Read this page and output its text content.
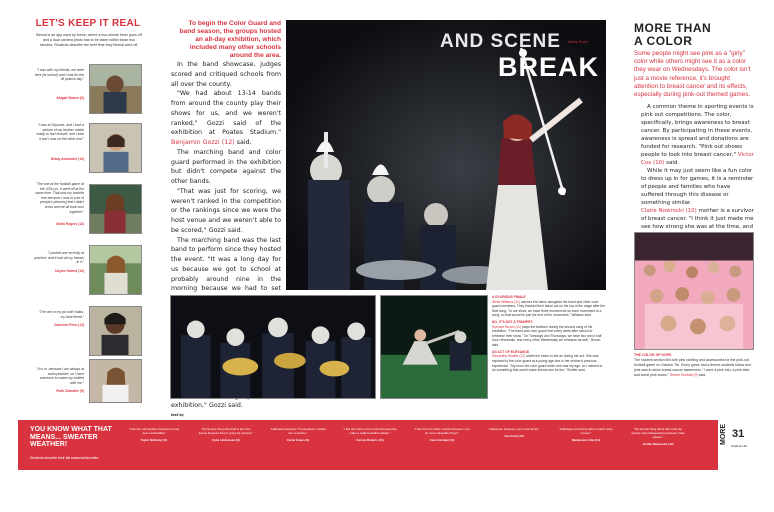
LET'S KEEP IT REAL
Bereal is an app used by teens, where a two-minute timer goes off and a dual camera photo has to be taken within those two minutes. Students describe the best time they Bereal went off.
"I was with my friends, we were here [at school] and I was for the IB potluck day."
Abigail Stokes (9)
"I was at Skyzone, and I took a picture of my brother midair ready to hurt himself, and I took it and I was on the other end."
Brady Alexander (10)
"The one at the football game at the USA (vs. It went off at the same time. That was my favorite one because I was in a lot of people's pictures] that I didn't know and we all took ours together."
Stella Rogers (12)
"I posted one recently at practice, and it had all my friends in it."
Caylee Owens (10)
"The one in my pic with Nakia, my best friend."
Cameron Penn (12)
"It is m. because I am always at swim practice, so I have someone to watch my bottled with me."
Ruth Chandler (9)
To begin the Color Guard and band season, the groups hosted an all-day exhibition, which included many other schools around the area.

In the band showcase, judges scored and critiqued schools from all over the county.

"We had about 13-14 bands from around the county play their shows for us, and we weren't ranked," Gozzi said of the exhibition at Poates Stadium." Benjamin Gozzi (12) said.

The marching band and color guard performed in the exhibition but didn't compete against the other bands.

"That was just for scoring, we weren't ranked in the competition or the rankings since we were the host venue and we weren't able to be scored," Gozzi said.

The marching band was the last band to perform since they hosted the event. "It was a long day for us because we got to school at probably around nine in the morning because we had to set

exhibition," Gozzi said.

text by

AND SCENE	text by Gozzi
BREAK

A GLORIOUS FINALE
Stella Williams (11) catches the baton alongside the band and other color guard members. They finished their baton act on the top of the stage after the final song. "In our show, we have three movements so each movement is a song, so that would be just the end of the movement," Williams said.

NO, IT'S NOT A TRUMPET.
Spencer Brown (11) plays the baritone during the second song of the exhibition. "The band and color guard met every week after school to rehearse their show. "On Tuesdays and Thursdays, we have two and a half hour rehearsals, and every other Wednesday we rehearse as well," Brown said.

AN ACT OF ELEGANCE.
Samantha Shaffer (12) whirls the baton in the air during her act. She was exposed to the color guard at a young age due to her mother's previous experience. "My mom did color guard when she was my age, so I wanted to do something that would make friends and be fun," Shaffer said.

MORE THAN
A COLOR
Some people might see pink as a "girly" color while others might see it as a color they wear on Wednesdays. The color isn't just a movie reference, it's brought attention to breast cancer and its effects, especially during pink-out themed games.

A common theme in sporting events is pink out competitions. The color, specifically, brings awareness to breast cancer. By participating in these events, awareness is spread and donations are funded for research. "Pink out shows people to look into breast cancer," Victor Cox (10) said.

While it may just seem like a fun color to dress up in for games, it is a reminder of people and families who have suffered through this disease or something similar.

Claire Nowrocki (10) mother is a survivor of breast cancer. "I think it just made me see how strong she was at the time, and

THE COLOR OF HOPE.
The student section fills with pink clothing and accessories for the pink-out football game on October 7th. Every game had a theme students follow and pink was to show breast cancer awareness. "I wore a pink tutu, a pink skirt, and some pink socks," Reese Kimball (9) said.
YOU KNOW WHAT THAT MEANS... SWEATER WEATHER!
Students describe their fall seasonal favorites.
"I like the cold weather because it's just more comfortable."
Taylor McGinty (11)
"My favorite thing about fall is all of the leaves because they're pretty for pictures."
Kylie Lindsmeier (9)
"Halloween because 'Trunkertreats' outside are so festive."
Carter Evans (9)
"I like the colors of the trees because they make a really beautiful outside."
Carson Roberts (11)
"I like how it's colder outside because I can do more enjoyable things."
Cece Carvajal (11)
"Halloween because I get to eat candy."
Zoe Point (10)
"Halloween and being able to watch scary movies."
Maxkenzie Little (11)
"My favorite thing about fall is that the spooky main disappearing because I hate spiders."
Jordan Mackenzie (10)	MORE 31
Student Life
